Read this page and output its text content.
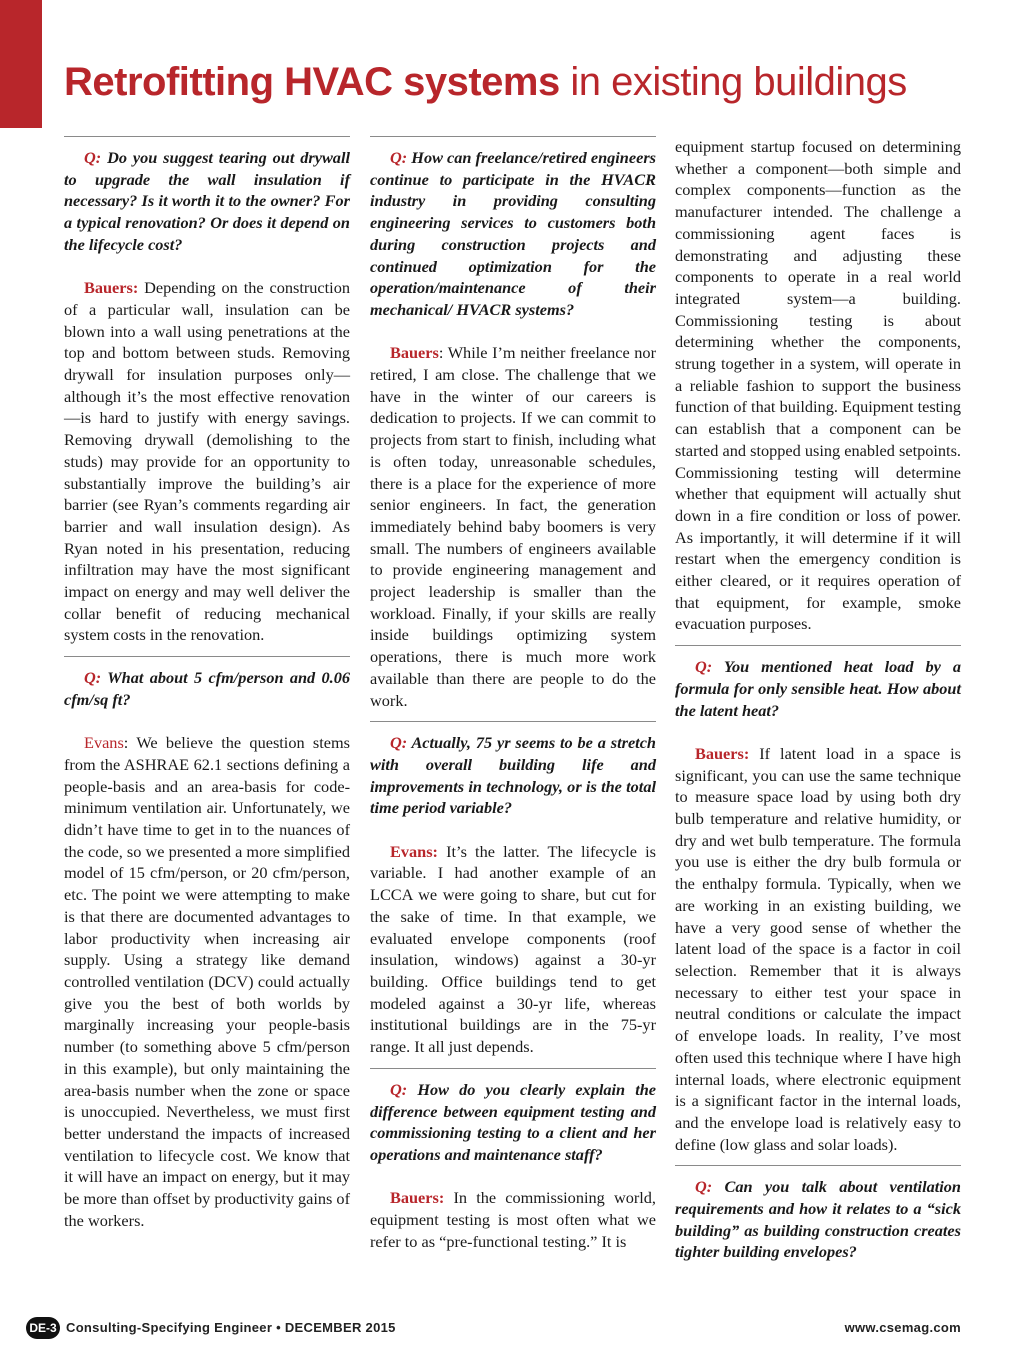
Retrofitting HVAC systems in existing buildings

Q: Do you suggest tearing out drywall to upgrade the wall insulation if necessary? Is it worth it to the owner? For a typical renovation? Or does it depend on the lifecycle cost?

Bauers: Depending on the construction of a particular wall, insulation can be blown into a wall using penetrations at the top and bottom between studs. Removing drywall for insulation purposes only—although it’s the most effective renovation—is hard to justify with energy savings. Removing drywall (demolishing to the studs) may provide for an opportunity to substantially improve the building’s air barrier (see Ryan’s comments regarding air barrier and wall insulation design). As Ryan noted in his presentation, reducing infiltration may have the most significant impact on energy and may well deliver the collar benefit of reducing mechanical system costs in the renovation.

Q: What about 5 cfm/person and 0.06 cfm/sq ft?

Evans: We believe the question stems from the ASHRAE 62.1 sections defining a people-basis and an area-basis for code-minimum ventilation air. Unfortunately, we didn’t have time to get in to the nuances of the code, so we presented a more simplified model of 15 cfm/person, or 20 cfm/person, etc. The point we were attempting to make is that there are documented advantages to labor productivity when increasing air supply. Using a strategy like demand controlled ventilation (DCV) could actually give you the best of both worlds by marginally increasing your people-basis number (to something above 5 cfm/person in this example), but only maintaining the area-basis number when the zone or space is unoccupied. Nevertheless, we must first better understand the impacts of increased ventilation to lifecycle cost. We know that it will have an impact on energy, but it may be more than offset by productivity gains of the workers.

Q: How can freelance/retired engineers continue to participate in the HVACR industry in providing consulting engineering services to customers both during construction projects and continued optimization for the operation/maintenance of their mechanical/ HVACR systems?

Bauers: While I’m neither freelance nor retired, I am close. The challenge that we have in the winter of our careers is dedication to projects. If we can commit to projects from start to finish, including what is often today, unreasonable schedules, there is a place for the experience of more senior engineers. In fact, the generation immediately behind baby boomers is very small. The numbers of engineers available to provide engineering management and project leadership is smaller than the workload. Finally, if your skills are really inside buildings optimizing system operations, there is much more work available than there are people to do the work.

Q: Actually, 75 yr seems to be a stretch with overall building life and improvements in technology, or is the total time period variable?

Evans: It’s the latter. The lifecycle is variable. I had another example of an LCCA we were going to share, but cut for the sake of time. In that example, we evaluated envelope components (roof insulation, windows) against a 30-yr building. Office buildings tend to get modeled against a 30-yr life, whereas institutional buildings are in the 75-yr range. It all just depends.

Q: How do you clearly explain the difference between equipment testing and commissioning testing to a client and her operations and maintenance staff?

Bauers: In the commissioning world, equipment testing is most often what we refer to as “pre-functional testing.” It is

equipment startup focused on determining whether a component—both simple and complex components—function as the manufacturer intended. The challenge a commissioning agent faces is demonstrating and adjusting these components to operate in a real world integrated system—a building. Commissioning testing is about determining whether the components, strung together in a system, will operate in a reliable fashion to support the business function of that building. Equipment testing can establish that a component can be started and stopped using enabled setpoints. Commissioning testing will determine whether that equipment will actually shut down in a fire condition or loss of power. As importantly, it will determine if it will restart when the emergency condition is either cleared, or it requires operation of that equipment, for example, smoke evacuation purposes.

Q: You mentioned heat load by a formula for only sensible heat. How about the latent heat?

Bauers: If latent load in a space is significant, you can use the same technique to measure space load by using both dry bulb temperature and relative humidity, or dry and wet bulb temperature. The formula you use is either the dry bulb formula or the enthalpy formula. Typically, when we are working in an existing building, we have a very good sense of whether the latent load of the space is a factor in coil selection. Remember that it is always necessary to either test your space in neutral conditions or calculate the impact of envelope loads. In reality, I’ve most often used this technique where I have high internal loads, where electronic equipment is a significant factor in the internal loads, and the envelope load is relatively easy to define (low glass and solar loads).

Q: Can you talk about ventilation requirements and how it relates to a “sick building” as building construction creates tighter building envelopes?

DE-3 Consulting-Specifying Engineer • DECEMBER 2015	www.csemag.com
